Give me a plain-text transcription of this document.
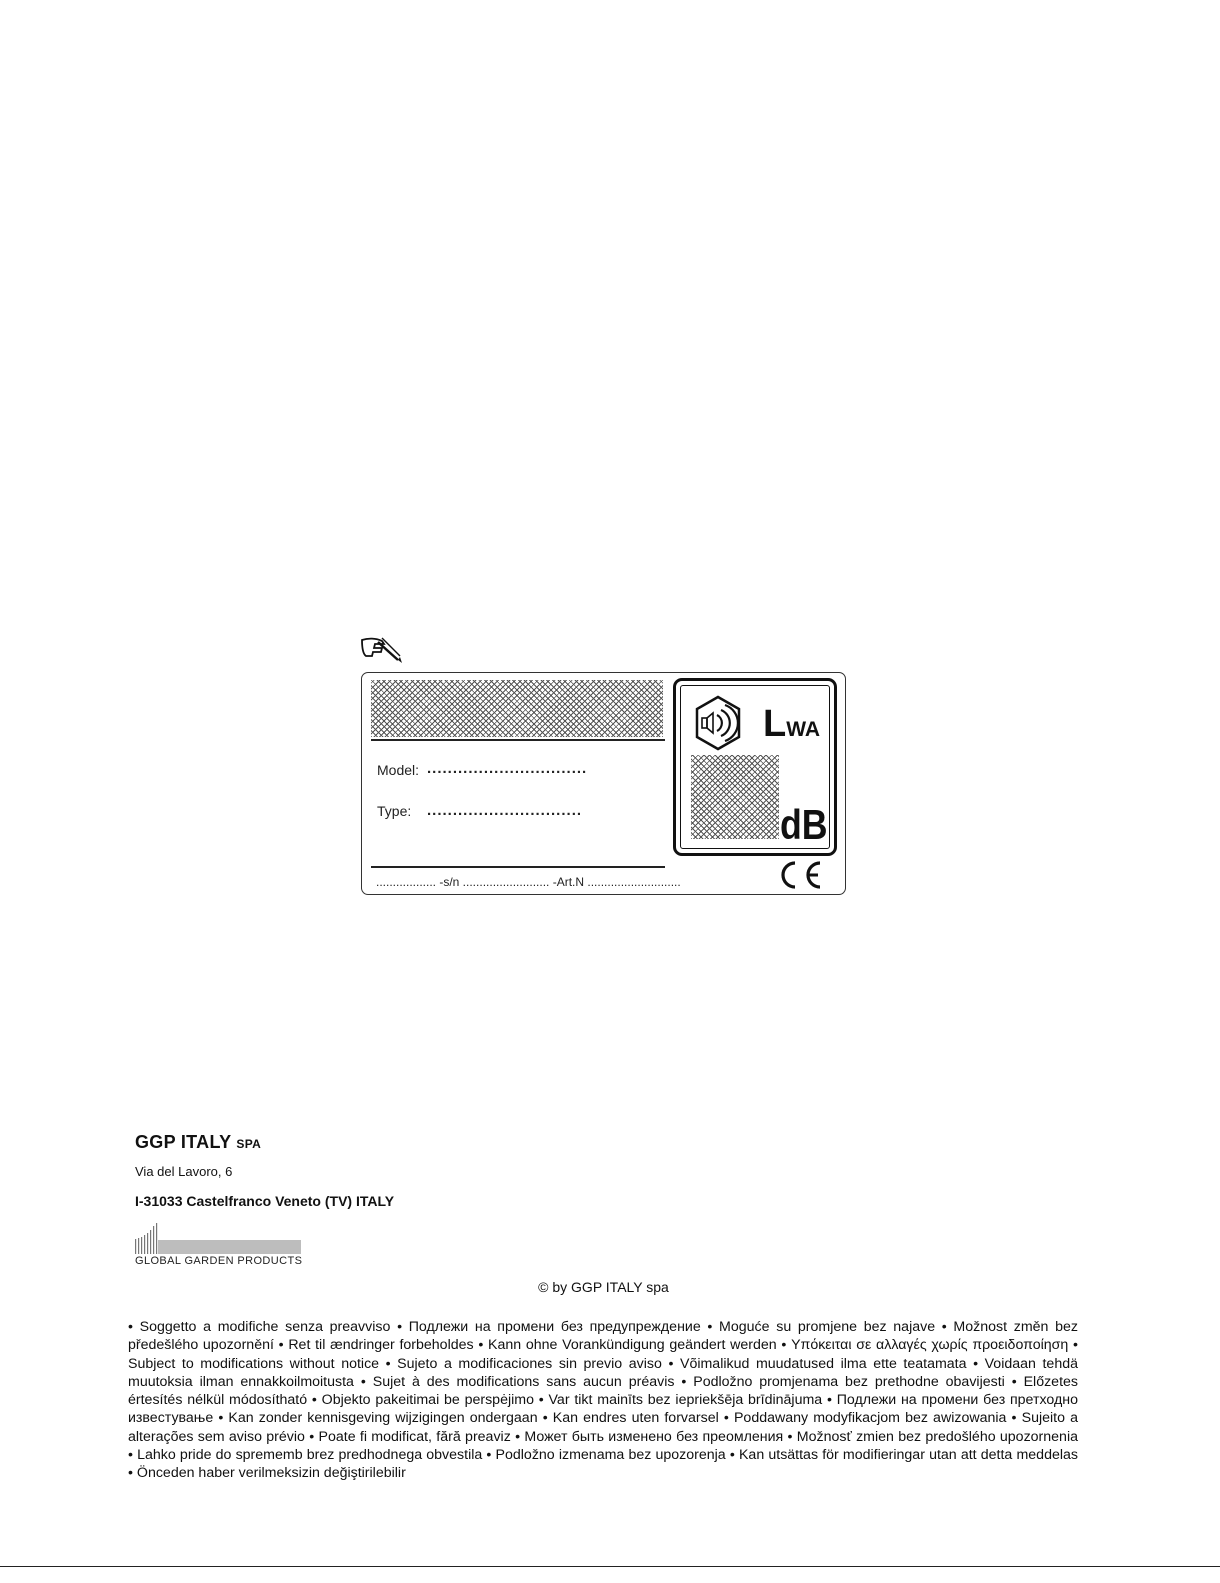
Model: ...............................
Type: ..............................
.................. -s/n .......................... -Art.N ............................
LWA
dB
GGP ITALY SPA
Via del Lavoro, 6
I-31033 Castelfranco Veneto (TV) ITALY
GLOBAL GARDEN PRODUCTS
© by GGP ITALY spa
• Soggetto a modifiche senza preavviso • Подлежи на промени без предупреждение • Moguće su promjene bez najave • Možnost změn bez předešlého upozornění • Ret til ændringer forbeholdes • Kann ohne Vorankündigung geändert werden • Υπόκειται σε αλλαγές χωρίς προειδοποίηση • Subject to modifications without notice • Sujeto a modificaciones sin previo aviso • Võimalikud muudatused ilma ette teatamata • Voidaan tehdä muutoksia ilman ennakkoilmoitusta • Sujet à des modifications sans aucun préavis • Podložno promjenama bez prethodne obavijesti • Előzetes értesítés nélkül módosítható • Objekto pakeitimai be perspėjimo • Var tikt mainīts bez iepriekšēja brīdinājuma • Подлежи на промени без претходно известување • Kan zonder kennisgeving wijzigingen ondergaan • Kan endres uten forvarsel • Poddawany modyfikacjom bez awizowania • Sujeito a alterações sem aviso prévio • Poate fi modificat, fără preaviz • Может быть изменено без преомления • Možnosť zmien bez predošlého upozornenia • Lahko pride do sprememb brez predhodnega obvestila • Podložno izmenama bez upozorenja • Kan utsättas för modifieringar utan att detta meddelas • Önceden haber verilmeksizin değiştirilebilir
